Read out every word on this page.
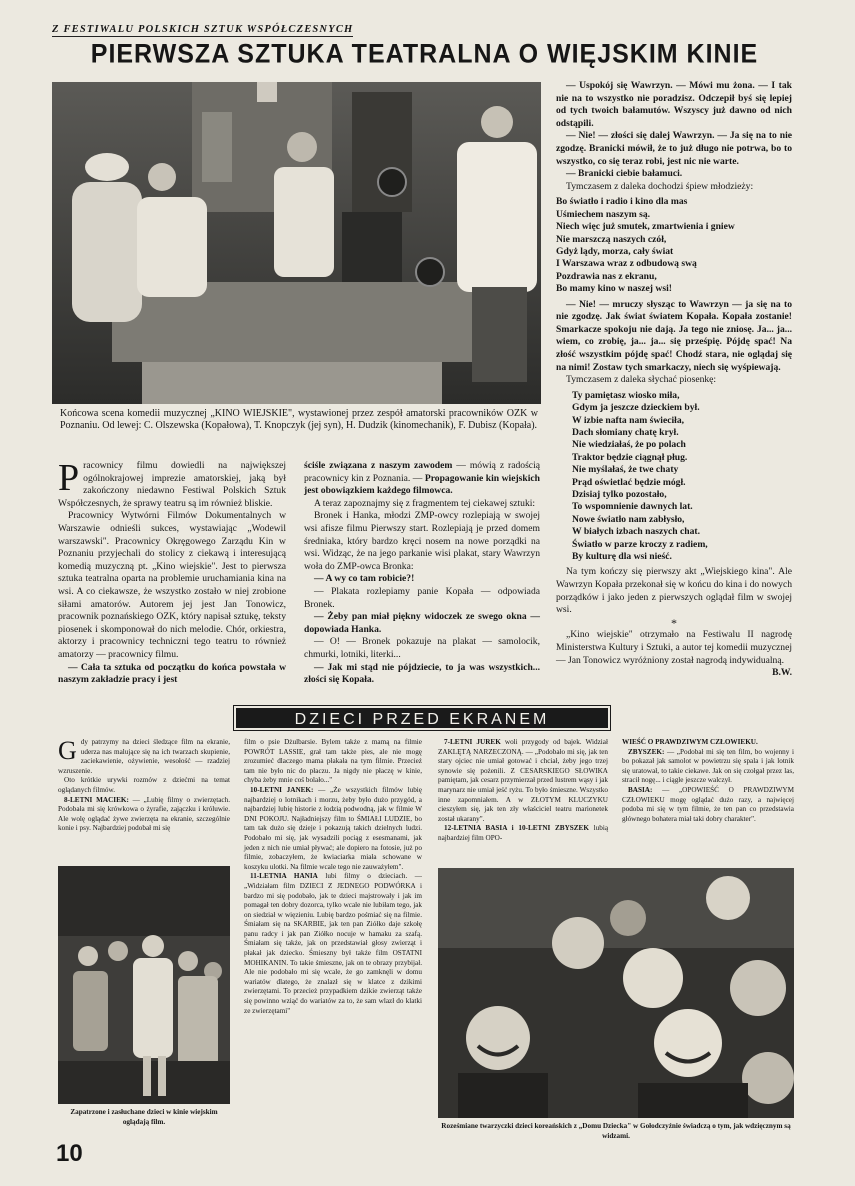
Z FESTIWALU POLSKICH SZTUK WSPÓŁCZESNYCH
PIERWSZA SZTUKA TEATRALNA O WIĘJSKIM KINIE
Końcowa scena komedii muzycznej „KINO WIEJSKIE", wystawionej przez zespół amatorski pracowników OZK w Poznaniu. Od lewej: C. Olszewska (Kopałowa), T. Knopczyk (jej syn), H. Dudzik (kinomechanik), F. Dubisz (Kopała).

Pracownicy filmu dowiedli na największej ogólnokrajowej imprezie amatorskiej, jaką był zakończony niedawno Festiwal Polskich Sztuk Współczesnych, że sprawy teatru są im również bliskie.

Pracownicy Wytwórni Filmów Dokumentalnych w Warszawie odnieśli sukces, wystawiając „Wodewil warszawski". Pracownicy Okręgowego Zarządu Kin w Poznaniu przyjechali do stolicy z ciekawą i interesującą komedią muzyczną pt. „Kino wiejskie". Jest to pierwsza sztuka teatralna oparta na problemie uruchamiania kina na wsi. A co ciekawsze, że wszystko zostało w niej zrobione siłami amatorów. Autorem jej jest Jan Tonowicz, pracownik poznańskiego OZK, który napisał sztukę, teksty piosenek i skomponował do nich melodie. Chór, orkiestra, aktorzy i pracownicy techniczni tego teatru to również amatorzy — pracownicy filmu.

— Cała ta sztuka od początku do końca powstała w naszym zakładzie pracy i jest

ściśle związana z naszym zawodem — mówią z radością pracownicy kin z Poznania. — Propagowanie kin wiejskich jest obowiązkiem każdego filmowca.

A teraz zapoznajmy się z fragmentem tej ciekawej sztuki:

Bronek i Hanka, młodzi ZMP-owcy rozlepiają w swojej wsi afisze filmu Pierwszy start. Rozlepiają je przed domem średniaka, który bardzo kręci nosem na nowe porządki na wsi. Widząc, że na jego parkanie wisi plakat, stary Wawrzyn woła do ZMP-owca Bronka:

— A wy co tam robicie?!

— Plakata rozlepiamy panie Kopała — odpowiada Bronek.

— Żeby pan miał piękny widoczek ze swego okna — dopowiada Hanka.

— O! — Bronek pokazuje na plakat — samolocik, chmurki, lotniki, literki...

— Jak mi stąd nie pójdziecie, to ja was wszystkich... złości się Kopała.

— Uspokój się Wawrzyn. — Mówi mu żona. — I tak nie na to wszystko nie poradzisz. Odczepił byś się lepiej od tych twoich bałamutów. Wszyscy już dawno od nich odstąpili.

— Nie! — złości się dalej Wawrzyn. — Ja się na to nie zgodzę. Branicki mówił, że to już długo nie potrwa, bo to wszystko, co się teraz robi, jest nic nie warte.

— Branicki ciebie bałamuci.

Tymczasem z daleka dochodzi śpiew młodzieży:

Bo światło i radio i kino dla mas
Uśmiechem naszym są.
Niech więc już smutek, zmartwienia i gniew
Nie marszczą naszych czół,
Gdyż lądy, morza, cały świat
I Warszawa wraz z odbudową swą
Pozdrawia nas z ekranu,
Bo mamy kino w naszej wsi!

— Nie! — mruczy słysząc to Wawrzyn — ja się na to nie zgodzę. Jak świat światem Kopała. Kopała zostanie! Smarkacze spokoju nie dają. Ja tego nie zniosę. Ja... ja... wiem, co zrobię, ja... ja... się prześpię. Pójdę spać! Na złość wszystkim pójdę spać! Chodź stara, nie oglądaj się na nimi! Zostaw tych smarkaczy, niech się wyśpiewają.

Tymczasem z daleka słychać piosenkę:

Ty pamiętasz wiosko miła,
Gdym ja jeszcze dzieckiem był.
W izbie nafta nam świeciła,
Dach słomiany chatę krył.
Nie wiedziałaś, że po polach
Traktor będzie ciągnął pług.
Nie myślałaś, że twe chaty
Prąd oświetlać będzie mógł.
Dzisiaj tylko pozostało,
To wspomnienie dawnych lat.
Nowe światło nam zabłysło,
W białych izbach naszych chat.
Światło w parze kroczy z radiem,
By kulturę dla wsi nieść.

Na tym kończy się pierwszy akt „Wiejskiego kina". Ale Wawrzyn Kopała przekonał się w końcu do kina i do nowych porządków i jako jeden z pierwszych oglądał film w swojej wsi.

*

„Kino wiejskie" otrzymało na Festiwalu II nagrodę Ministerstwa Kultury i Sztuki, a autor tej komedii muzycznej — Jan Tonowicz wyróżniony został nagrodą indywidualną.
B.W.

DZIECI PRZED EKRANEM

Gdy patrzymy na dzieci śledzące film na ekranie, uderza nas malujące się na ich twarzach skupienie, zaciekawienie, ożywienie, wesołość — rzadziej wzruszenie.

Oto krótkie urywki rozmów z dziećmi na temat oglądanych filmów.

8-LETNI MACIEK: — „Lubię filmy o zwierzętach. Podobała mi się krówkowa o żyrafie, zajączku i króluwie. Ale wolę oglądać żywe zwierzęta na ekranie, szczególnie konie i psy. Najbardziej podobał mi się

film o psie Dżulbarsie. Bylem także z mamą na filmie POWRÓT LASSIE, grał tam także pies, ale nie mogę zrozumieć dlaczego mama płakała na tym filmie. Przecież tam nie było nic do płaczu. Ja nigdy nie płaczę w kinie, chyba żeby mnie coś bolało..."

10-LETNI JANEK: — „Że wszystkich filmów lubię najbardziej o lotnikach i morzu, żeby było dużo przygód, a najbardziej lubię historie z łodzią podwodną, jak w filmie W DNI POKOJU. Najładniejszy film to ŚMIAŁI LUDZIE, bo tam tak dużo się dzieje i pokazują takich dzielnych ludzi. Podobało mi się, jak wysadzili pociąg z esesmanami, jak jeden z nich nie umiał pływać; ale dopiero na fotosie, już po filmie, zobaczyłem, że kwiaciarka miała schowane w koszyku ulotki. Na filmie wcale tego nie zauważyłem".

11-LETNIA HANIA lubi filmy o dzieciach. — „Widziałam film DZIECI Z JEDNEGO PODWÓRKA i bardzo mi się podobało, jak te dzieci majstrowały i jak im pomagał ten dobry dozorca, tylko wcale nie lubiłam tego, jak on siedział w więzieniu. Lubię bardzo pośmiać się na filmie. Śmiałam się na SKARBIE, jak ten pan Ziółko daje szkołę panu radcy i jak pan Ziółko nocuje w hamaku za szafą. Śmiałam się także, jak on przedstawiał głosy zwierząt i płakał jak dziecko. Śmieszny był także film OSTATNI MOHIKANIN. To takie śmieszne, jak on te obrazy przybijał. Ale nie podobało mi się wcale, że go zamknęli w domu wariatów dlatego, że znalazł się w klatce z dzikimi zwierzętami. To przecież przypadkiem dzikie zwierząt także się powinno wziąć do wariatów za to, że sam wlazł do klatki ze zwierzętami"

7-LETNI JUREK woli przygody od bajek. Widział ZAKLĘTĄ NARZECZONĄ. — „Podobało mi się, jak ten stary ojciec nie umiał gotować i chciał, żeby jego trzej synowie się pożenili. Z CESARSKIEGO SŁOWIKA pamiętam, jak cesarz przymierzał przed lustrem wąsy i jak marynarz nie umiał jeść ryżu. To było śmieszne. Wszystko inne zapomniałem. A w ZŁOTYM KLUCZYKU cieszyłem się, jak ten zły właściciel teatru marionetek został ukarany".

12-LETNIA BASIA i 10-LETNI ZBYSZEK lubią najbardziej film OPO-

WIEŚĆ O PRAWDZIWYM CZŁOWIEKU.

ZBYSZEK: — „Podobał mi się ten film, bo wojenny i bo pokazał jak samolot w powietrzu się spala i jak lotnik się uratował, to takie ciekawe. Jak on się czołgał przez las, stracił nogę... i ciągle jeszcze walczył.

BASIA: — „OPOWIEŚĆ O PRAWDZIWYM CZŁOWIEKU mogę oglądać dużo razy, a najwięcej podoba mi się w tym filmie, że ten pan co przedstawia głównego bohatera miał taki dobry charakter".

Zapatrzone i zasłuchane dzieci w kinie wiejskim oglądają film.
Roześmiane twarzyczki dzieci koreańskich z „Domu Dziecka" w Gołodczyźnie świadczą o tym, jak wdzięcznym są widzami.
10
